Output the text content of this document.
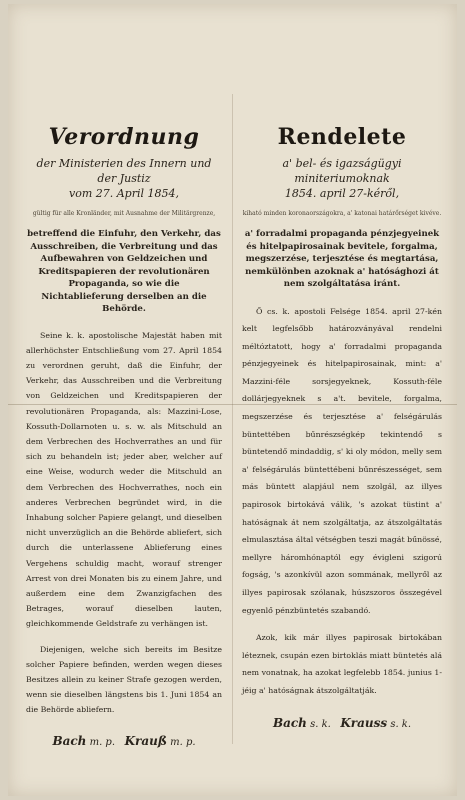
Verordnung

der Ministerien des Innern und der Justiz

vom 27. April 1854,

gültig für alle Kronländer, mit Ausnahme der Militärgrenze,

betreffend die Einfuhr, den Verkehr, das Ausschreiben, die Verbreitung und das Aufbewahren von Geldzeichen und Kreditspapieren der revolutionären Propaganda, so wie die Nichtablieferung derselben an die Behörde.

Seine k. k. apostolische Majestät haben mit allerhöchster Entschließung vom 27. April 1854 zu verordnen geruht, daß die Einfuhr, der Verkehr, das Ausschreiben und die Verbreitung von Geldzeichen und Kreditspapieren der revolutionären Propaganda, als: Mazzini-Lose, Kossuth-Dollarnoten u. s. w. als Mitschuld an dem Verbrechen des Hochverrathes an und für sich zu behandeln ist; jeder aber, welcher auf eine Weise, wodurch weder die Mitschuld an dem Verbrechen des Hochverrathes, noch ein anderes Verbrechen begründet wird, in die Inhabung solcher Papiere gelangt, und dieselben nicht unverzüglich an die Behörde abliefert, sich durch die unterlassene Ablieferung eines Vergehens schuldig macht, worauf strenger Arrest von drei Monaten bis zu einem Jahre, und außerdem eine dem Zwanzigfachen des Betrages, worauf dieselben lauten, gleichkommende Geldstrafe zu verhängen ist.

Diejenigen, welche sich bereits im Besitze solcher Papiere befinden, werden wegen dieses Besitzes allein zu keiner Strafe gezogen werden, wenn sie dieselben längstens bis 1. Juni 1854 an die Behörde abliefern.

Bach m. p. Krauß m. p.
Rendelete

a' bel- és igazságügyi miniteriumoknak

1854. april 27-kéről,

kiható minden koronaországokra, a' katonai határőrséget kivéve.

a' forradalmi propaganda pénzjegyeinek és hitelpapirosainak bevitele, forgalma, megszerzése, terjesztése és megtartása, nemkülönben azoknak a' hatósághozi át nem szolgáltatása iránt.

Ő cs. k. apostoli Felsége 1854. april 27-kén kelt legfelsőbb határozványával rendelni méltóztatott, hogy a' forradalmi propaganda pénzjegyeinek és hitelpapirosainak, mint: a' Mazzini-féle sorsjegyeknek, Kossuth-féle dollárjegyeknek s a't. bevitele, forgalma, megszerzése és terjesztése a' felségárulás büntettében bűnrészségkép tekintendő s büntetendő mindaddig, s' ki oly módon, melly sem a' felségárulás büntettébeni bűnrészességet, sem más büntett alapjául nem szolgál, az illyes papirosok birtokává válik, 's azokat tüstint a' hatóságnak át nem szolgáltatja, az átszolgáltatás elmulasztása által vétségben teszi magát bűnössé, mellyre háromhónaptól egy évigleni szigorú fogság, 's azonkívül azon sommának, mellyről az illyes papirosak szólanak, húszszoros összegével egyenlő pénzbüntetés szabandó.

Azok, kik már illyes papirosak birtokában léteznek, csupán ezen birtoklás miatt büntetés alá nem vonatnak, ha azokat legfelebb 1854. junius 1-jéig a' hatóságnak átszolgáltatják.

Bach s. k. Krauss s. k.
